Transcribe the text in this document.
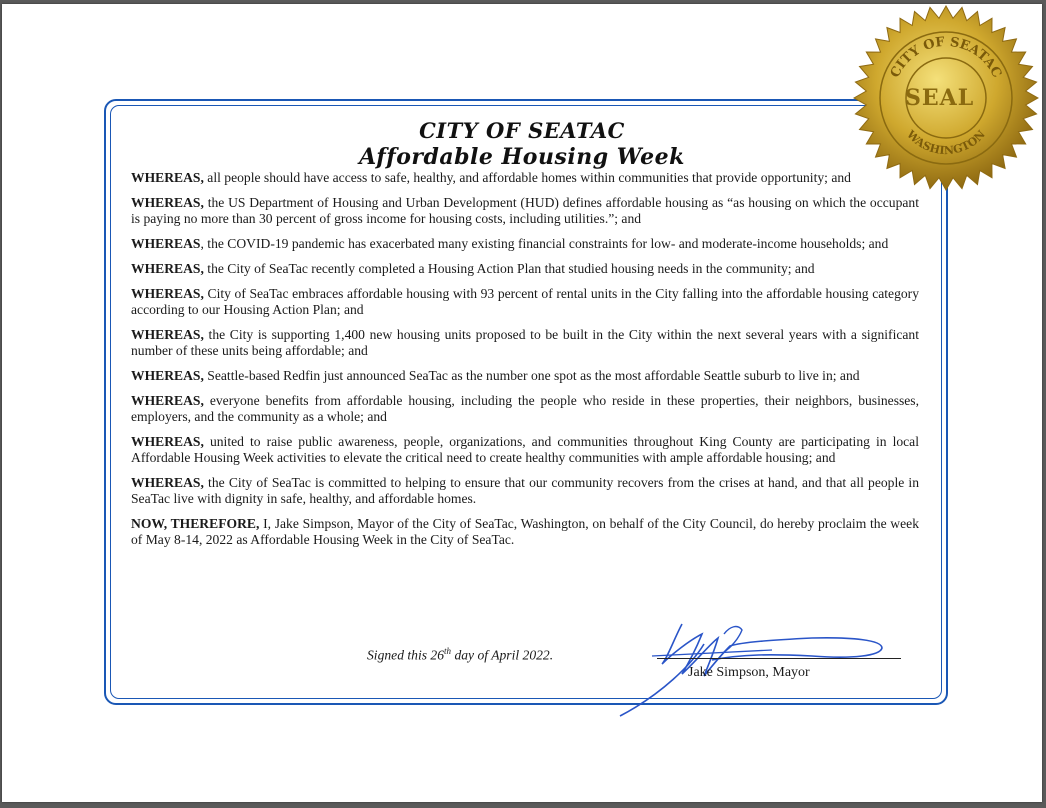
CITY OF SEATAC
Affordable Housing Week

WHEREAS, all people should have access to safe, healthy, and affordable homes within communities that provide opportunity; and

WHEREAS, the US Department of Housing and Urban Development (HUD) defines affordable housing as “as housing on which the occupant is paying no more than 30 percent of gross income for housing costs, including utilities.”; and

WHEREAS, the COVID-19 pandemic has exacerbated many existing financial constraints for low- and moderate-income households; and

WHEREAS, the City of SeaTac recently completed a Housing Action Plan that studied housing needs in the community; and

WHEREAS, City of SeaTac embraces affordable housing with 93 percent of rental units in the City falling into the affordable housing category according to our Housing Action Plan; and

WHEREAS, the City is supporting 1,400 new housing units proposed to be built in the City within the next several years with a significant number of these units being affordable; and

WHEREAS, Seattle-based Redfin just announced SeaTac as the number one spot as the most affordable Seattle suburb to live in; and

WHEREAS, everyone benefits from affordable housing, including the people who reside in these properties, their neighbors, businesses, employers, and the community as a whole; and

WHEREAS, united to raise public awareness, people, organizations, and communities throughout King County are participating in local Affordable Housing Week activities to elevate the critical need to create healthy communities with ample affordable housing; and

WHEREAS, the City of SeaTac is committed to helping to ensure that our community recovers from the crises at hand, and that all people in SeaTac live with dignity in safe, healthy, and affordable homes.

NOW, THEREFORE, I, Jake Simpson, Mayor of the City of SeaTac, Washington, on behalf of the City Council, do hereby proclaim the week of May 8-14, 2022 as Affordable Housing Week in the City of SeaTac.

Signed this 26th day of April 2022.
Jake Simpson, Mayor
CITY OF SEATAC
WASHINGTON
SEAL
